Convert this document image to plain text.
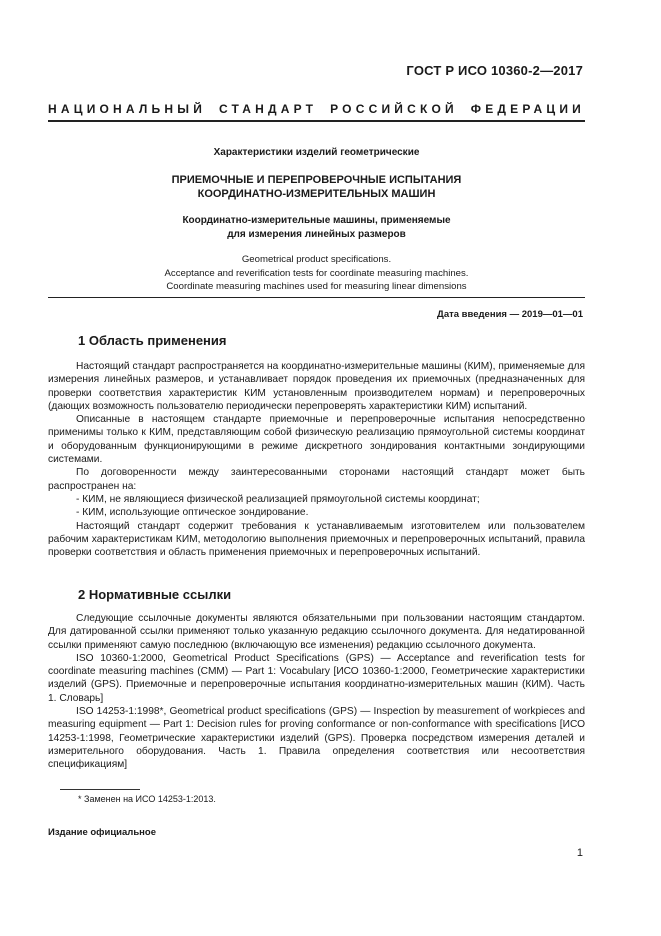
ГОСТ Р ИСО 10360-2—2017
НАЦИОНАЛЬНЫЙ СТАНДАРТ РОССИЙСКОЙ ФЕДЕРАЦИИ
Характеристики изделий геометрические
ПРИЕМОЧНЫЕ И ПЕРЕПРОВЕРОЧНЫЕ ИСПЫТАНИЯ
КООРДИНАТНО-ИЗМЕРИТЕЛЬНЫХ МАШИН
Координатно-измерительные машины, применяемые
для измерения линейных размеров
Geometrical product specifications.
Acceptance and reverification tests for coordinate measuring machines.
Coordinate measuring machines used for measuring linear dimensions
Дата введения — 2019—01—01
1 Область применения

Настоящий стандарт распространяется на координатно-измерительные машины (КИМ), применяемые для измерения линейных размеров, и устанавливает порядок проведения их приемочных (предназначенных для проверки соответствия характеристик КИМ установленным производителем нормам) и перепроверочных (дающих возможность пользователю периодически перепроверять характеристики КИМ) испытаний.

Описанные в настоящем стандарте приемочные и перепроверочные испытания непосредственно применимы только к КИМ, представляющим собой физическую реализацию прямоугольной системы координат и оборудованным функционирующими в режиме дискретного зондирования контактными зондирующими системами.

По договоренности между заинтересованными сторонами настоящий стандарт может быть распространен на:

- КИМ, не являющиеся физической реализацией прямоугольной системы координат;

- КИМ, использующие оптическое зондирование.

Настоящий стандарт содержит требования к устанавливаемым изготовителем или пользователем рабочим характеристикам КИМ, методологию выполнения приемочных и перепроверочных испытаний, правила проверки соответствия и область применения приемочных и перепроверочных испытаний.

2 Нормативные ссылки

Следующие ссылочные документы являются обязательными при пользовании настоящим стандартом. Для датированной ссылки применяют только указанную редакцию ссылочного документа. Для недатированной ссылки применяют самую последнюю (включающую все изменения) редакцию ссылочного документа.

ISO 10360-1:2000, Geometrical Product Specifications (GPS) — Acceptance and reverification tests for coordinate measuring machines (CMM) — Part 1: Vocabulary [ИСО 10360-1:2000, Геометрические характеристики изделий (GPS). Приемочные и перепроверочные испытания координатно-измерительных машин (КИМ). Часть 1. Словарь]

ISO 14253-1:1998*, Geometrical product specifications (GPS) — Inspection by measurement of workpieces and measuring equipment — Part 1: Decision rules for proving conformance or non-conformance with specifications [ИСО 14253-1:1998, Геометрические характеристики изделий (GPS). Проверка посредством измерения деталей и измерительного оборудования. Часть 1. Правила определения соответствия или несоответствия спецификациям]

* Заменен на ИСО 14253-1:2013.
Издание официальное
1
